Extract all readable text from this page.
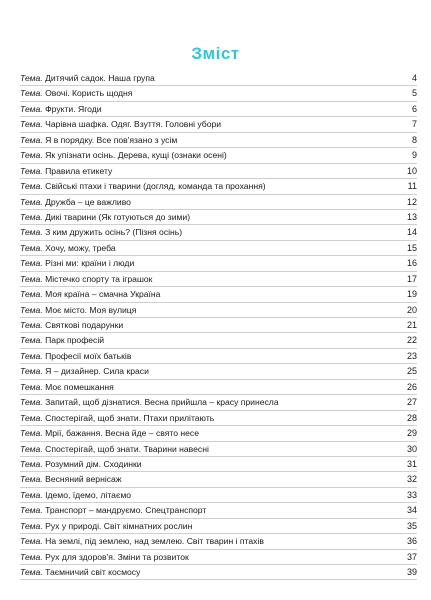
Зміст
Тема. Дитячий садок. Наша група	4
Тема. Овочі. Користь щодня	5
Тема. Фрукти. Ягоди	6
Тема. Чарівна шафка. Одяг. Взуття. Головні убори	7
Тема. Я в порядку. Все пов'язано з усім	8
Тема. Як упізнати осінь. Дерева, кущі (ознаки осені)	9
Тема. Правила етикету	10
Тема. Свійські птахи і тварини (догляд, команда та прохання)	11
Тема. Дружба – це важливо	12
Тема. Дикі тварини (Як готуються до зими)	13
Тема. З ким дружить осінь? (Пізня осінь)	14
Тема. Хочу, можу, треба	15
Тема. Різні ми: країни і люди	16
Тема. Містечко спорту та іграшок	17
Тема. Моя країна – смачна Україна	19
Тема. Моє місто. Моя вулиця	20
Тема. Святкові подарунки	21
Тема. Парк професій	22
Тема. Професії моїх батьків	23
Тема. Я – дизайнер. Сила краси	25
Тема. Моє помешкання	26
Тема. Запитай, щоб дізнатися. Весна прийшла – красу принесла	27
Тема. Спостерігай, щоб знати. Птахи прилітають	28
Тема. Мрії, бажання. Весна йде – свято несе	29
Тема. Спостерігай, щоб знати. Тварини навесні	30
Тема. Розумний дім. Сходинки	31
Тема. Весняний вернісаж	32
Тема. Ідемо, їдемо, літаємо	33
Тема. Транспорт – мандруємо. Спецтранспорт	34
Тема. Рух у природі. Світ кімнатних рослин	35
Тема. На землі, під землею, над землею. Світ тварин і птахів	36
Тема. Рух для здоров'я. Зміни та розвиток	37
Тема. Таємничий світ космосу	39
